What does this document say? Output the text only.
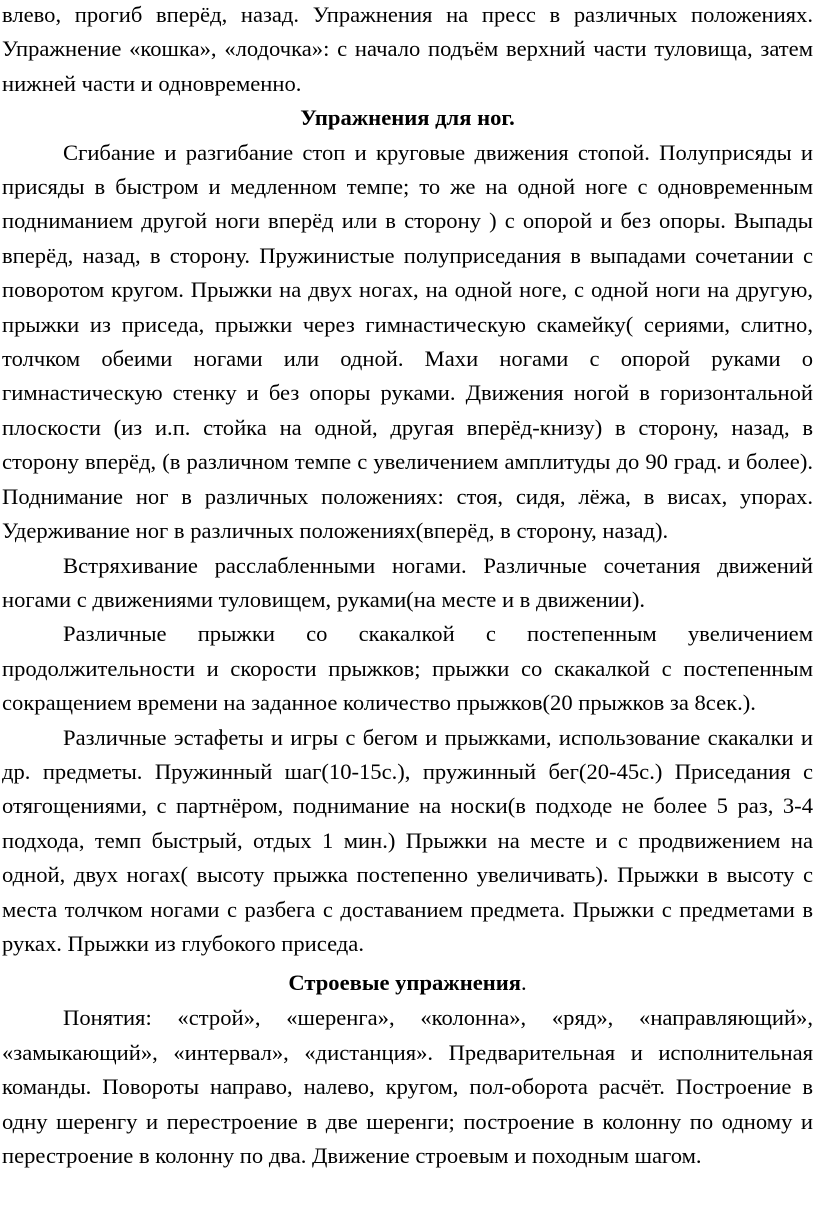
влево, прогиб вперёд, назад. Упражнения на пресс в различных положениях. Упражнение «кошка», «лодочка»: с начало подъём верхний части туловища, затем нижней части и одновременно.

Упражнения для ног.

Сгибание и разгибание стоп и круговые движения стопой. Полуприсяды и присяды в быстром и медленном темпе; то же на одной ноге с одновременным подниманием другой ноги вперёд или в сторону ) с опорой и без опоры. Выпады вперёд, назад, в сторону. Пружинистые полуприседания в выпадами сочетании с поворотом кругом. Прыжки на двух ногах, на одной ноге, с одной ноги на другую, прыжки из приседа, прыжки через гимнастическую скамейку( сериями, слитно, толчком обеими ногами или одной. Махи ногами с опорой руками о гимнастическую стенку и без опоры руками. Движения ногой в горизонтальной плоскости (из и.п. стойка на одной, другая вперёд-книзу) в сторону, назад, в сторону вперёд, (в различном темпе с увеличением амплитуды до 90 град. и более). Поднимание ног в различных положениях: стоя, сидя, лёжа, в висах, упорах. Удерживание ног в различных положениях(вперёд, в сторону, назад).

Встряхивание расслабленными ногами. Различные сочетания движений ногами с движениями туловищем, руками(на месте и в движении).

Различные прыжки со скакалкой с постепенным увеличением продолжительности и скорости прыжков; прыжки со скакалкой с постепенным сокращением времени на заданное количество прыжков(20 прыжков за 8сек.).

Различные эстафеты и игры с бегом и прыжками, использование скакалки и др. предметы. Пружинный шаг(10-15с.), пружинный бег(20-45с.) Приседания с отягощениями, с партнёром, поднимание на носки(в подходе не более 5 раз, 3-4 подхода, темп быстрый, отдых 1 мин.) Прыжки на месте и с продвижением на одной, двух ногах( высоту прыжка постепенно увеличивать). Прыжки в высоту с места толчком ногами с разбега с доставанием предмета. Прыжки с предметами в руках. Прыжки из глубокого приседа.

Строевые упражнения.

Понятия: «строй», «шеренга», «колонна», «ряд», «направляющий», «замыкающий», «интервал», «дистанция». Предварительная и исполнительная команды. Повороты направо, налево, кругом, пол-оборота расчёт. Построение в одну шеренгу и перестроение в две шеренги; построение в колонну по одному и перестроение в колонну по два. Движение строевым и походным шагом.
